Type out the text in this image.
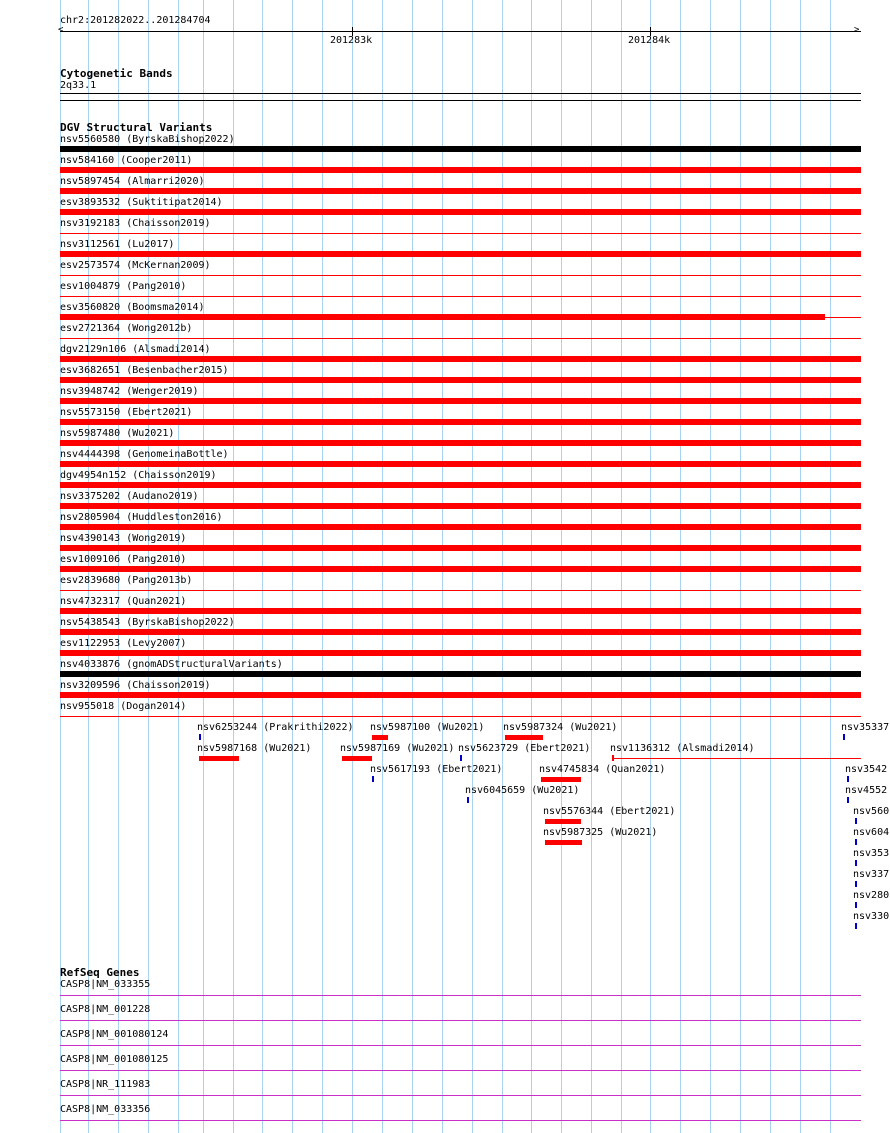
chr2:201282022..201284704
<	>
201283k	201284k
Cytogenetic Bands
2q33.1
DGV Structural Variants
nsv5560580 (ByrskaBishop2022)
nsv584160 (Cooper2011)
nsv5897454 (Almarri2020)
esv3893532 (Suktitipat2014)
nsv3192183 (Chaisson2019)
nsv3112561 (Lu2017)
esv2573574 (McKernan2009)
esv1004879 (Pang2010)
esv3560820 (Boomsma2014)
esv2721364 (Wong2012b)
dgv2129n106 (Alsmadi2014)
esv3682651 (Besenbacher2015)
nsv3948742 (Wenger2019)
nsv5573150 (Ebert2021)
nsv5987480 (Wu2021)
nsv4444398 (GenomeinaBottle)
dgv4954n152 (Chaisson2019)
nsv3375202 (Audano2019)
nsv2805904 (Huddleston2016)
nsv4390143 (Wong2019)
esv1009106 (Pang2010)
esv2839680 (Pang2013b)
nsv4732317 (Quan2021)
nsv5438543 (ByrskaBishop2022)
esv1122953 (Levy2007)
nsv4033876 (gnomADStructuralVariants)
nsv3209596 (Chaisson2019)
nsv955018 (Dogan2014)
nsv6253244 (Prakrithi2022) nsv5987100 (Wu2021) nsv5987324 (Wu2021)	nsv35337
nsv5987168 (Wu2021)	nsv5987169 (Wu2021) nsv5623729 (Ebert2021) nsv1136312 (Alsmadi2014)
nsv5617193 (Ebert2021)	nsv4745834 (Quan2021)	nsv3542
nsv6045659 (Wu2021)	nsv4552
nsv5576344 (Ebert2021)	nsv560
nsv5987325 (Wu2021)	nsv604
nsv353
nsv337
nsv280
nsv330
RefSeq Genes
CASP8|NM_033355
CASP8|NM_001228
CASP8|NM_001080124
CASP8|NM_001080125
CASP8|NR_111983
CASP8|NM_033356
